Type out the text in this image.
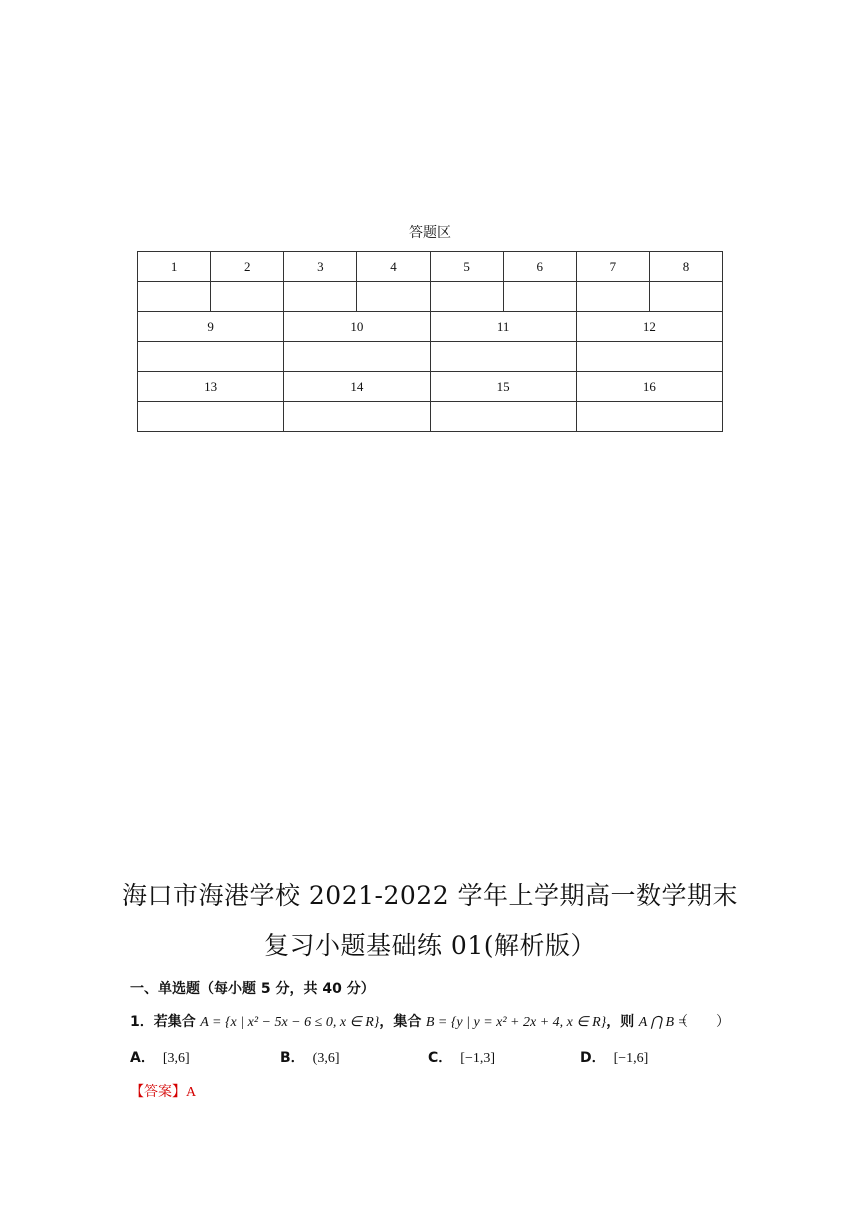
答题区
1	2	3	4	5	6	7	8

9		10		11		12	

13		14		15		16	

海口市海港学校 2021-2022 学年上学期高一数学期末
复习小题基础练 01(解析版）
一、单选题（每小题 5 分，共 40 分）
1．若集合 A = {x | x² − 5x − 6 ≤ 0, x ∈ R}，集合 B = {y | y = x² + 2x + 4, x ∈ R}，则 A ⋂ B =
（　　）
A． [3,6]	B． (3,6]	C． [−1,3]	D． [−1,6]
【答案】A
